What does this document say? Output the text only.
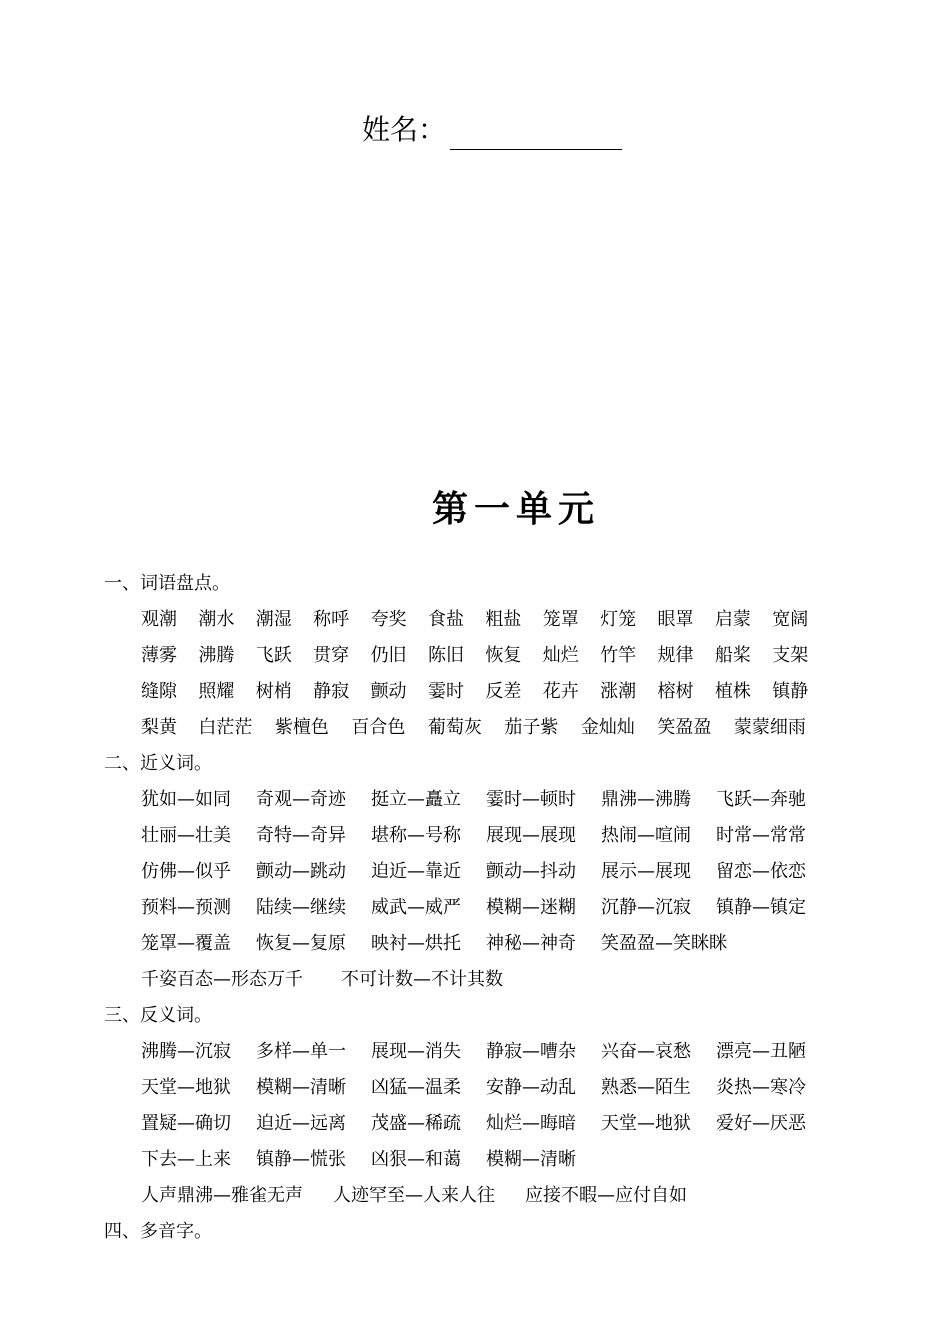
姓名：
第一单元
一、词语盘点。
观潮 潮水 潮湿 称呼 夸奖 食盐 粗盐 笼罩 灯笼 眼罩 启蒙 宽阔
薄雾 沸腾 飞跃 贯穿 仍旧 陈旧 恢复 灿烂 竹竿 规律 船桨 支架
缝隙 照耀 树梢 静寂 颤动 霎时 反差 花卉 涨潮 榕树 植株 镇静
梨黄 白茫茫 紫檀色 百合色 葡萄灰 茄子紫 金灿灿 笑盈盈 蒙蒙细雨
二、近义词。
犹如—如同 奇观—奇迹 挺立—矗立 霎时—顿时 鼎沸—沸腾 飞跃—奔驰
壮丽—壮美 奇特—奇异 堪称—号称 展现—展现 热闹—喧闹 时常—常常
仿佛—似乎 颤动—跳动 迫近—靠近 颤动—抖动 展示—展现 留恋—依恋
预料—预测 陆续—继续 威武—威严 模糊—迷糊 沉静—沉寂 镇静—镇定
笼罩—覆盖 恢复—复原 映衬—烘托 神秘—神奇 笑盈盈—笑眯眯
千姿百态—形态万千 不可计数—不计其数
三、反义词。
沸腾—沉寂 多样—单一 展现—消失 静寂—嘈杂 兴奋—哀愁 漂亮—丑陋
天堂—地狱 模糊—清晰 凶猛—温柔 安静—动乱 熟悉—陌生 炎热—寒冷
置疑—确切 迫近—远离 茂盛—稀疏 灿烂—晦暗 天堂—地狱 爱好—厌恶
下去—上来 镇静—慌张 凶狠—和蔼 模糊—清晰
人声鼎沸—雅雀无声 人迹罕至—人来人往 应接不暇—应付自如
四、多音字。
